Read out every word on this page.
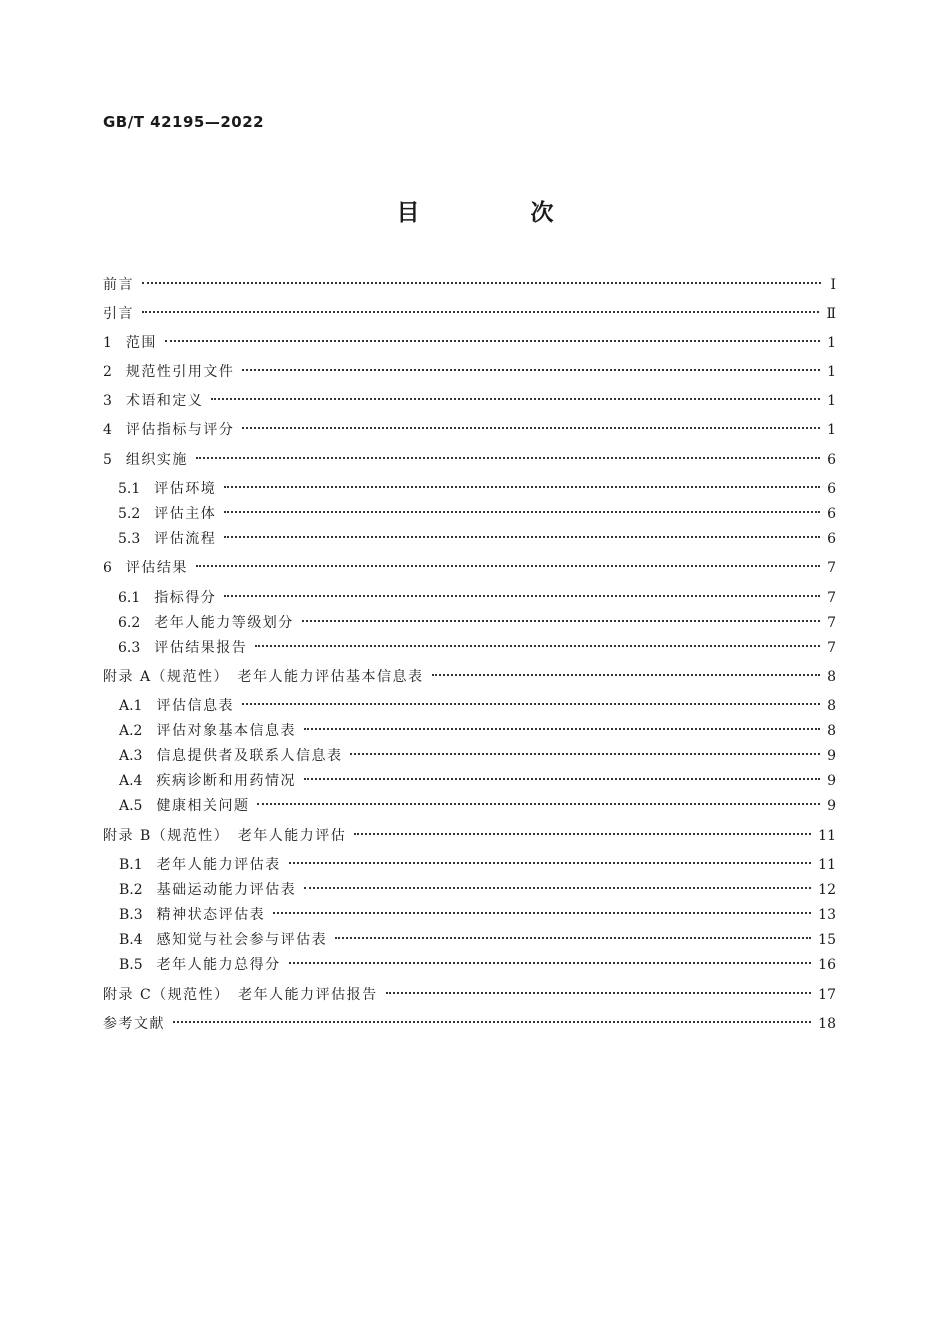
GB/T 42195—2022

目　次
前言	Ⅰ
引言	Ⅱ
1 范围	1
2 规范性引用文件	1
3 术语和定义	1
4 评估指标与评分	1
5 组织实施	6
5.1 评估环境	6
5.2 评估主体	6
5.3 评估流程	6
6 评估结果	7
6.1 指标得分	7
6.2 老年人能力等级划分	7
6.3 评估结果报告	7
附录 A（规范性）　老年人能力评估基本信息表	8
A.1 评估信息表	8
A.2 评估对象基本信息表	8
A.3 信息提供者及联系人信息表	9
A.4 疾病诊断和用药情况	9
A.5 健康相关问题	9
附录 B（规范性）　老年人能力评估	11
B.1 老年人能力评估表	11
B.2 基础运动能力评估表	12
B.3 精神状态评估表	13
B.4 感知觉与社会参与评估表	15
B.5 老年人能力总得分	16
附录 C（规范性）　老年人能力评估报告	17
参考文献	18
